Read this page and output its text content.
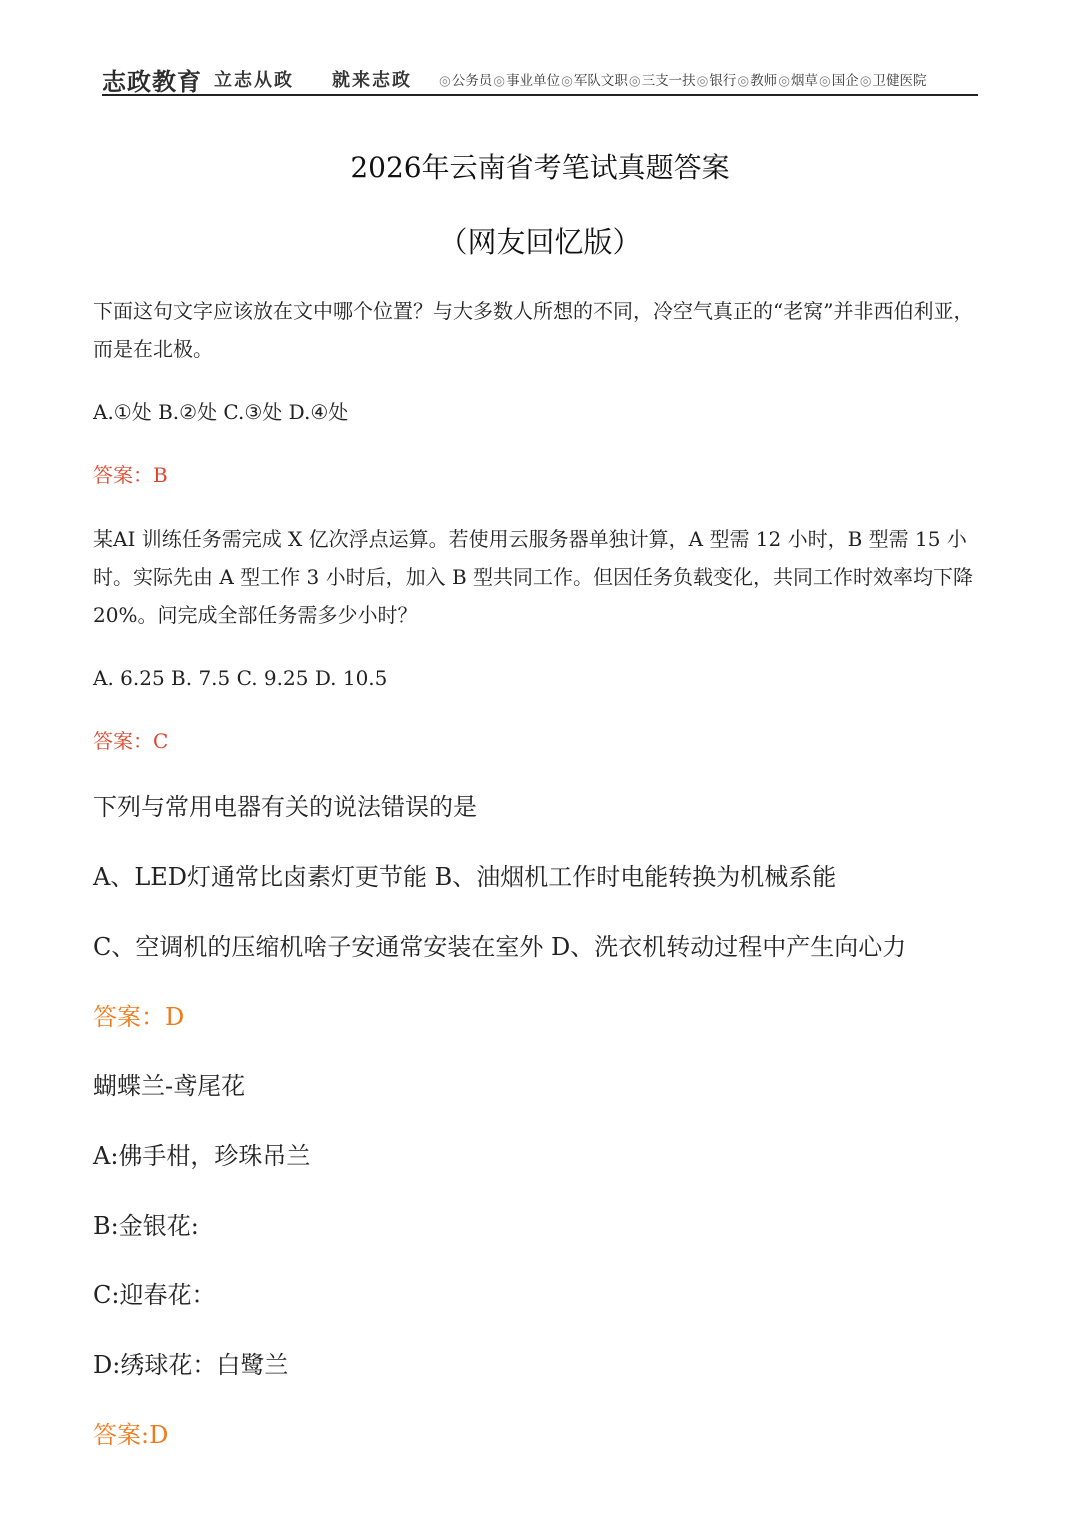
志政教育 立志从政 就来志政 ◎公务员◎事业单位◎军队文职◎三支一扶◎银行◎教师◎烟草◎国企◎卫健医院
2026年云南省考笔试真题答案
（网友回忆版）
下面这句文字应该放在文中哪个位置？与大多数人所想的不同，冷空气真正的“老窝”并非西伯利亚，而是在北极。
A.①处 B.②处 C.③处 D.④处
答案：B
某AI 训练任务需完成 X 亿次浮点运算。若使用云服务器单独计算，A 型需 12 小时，B 型需 15 小时。实际先由 A 型工作 3 小时后，加入 B 型共同工作。但因任务负载变化，共同工作时效率均下降 20%。问完成全部任务需多少小时？
A. 6.25 B. 7.5 C. 9.25 D. 10.5
答案：C
下列与常用电器有关的说法错误的是
A、LED灯通常比卤素灯更节能 B、油烟机工作时电能转换为机械系能
C、空调机的压缩机啥子安通常安装在室外 D、洗衣机转动过程中产生向心力
答案：D
蝴蝶兰-鸢尾花
A:佛手柑，珍珠吊兰
B:金银花:
C:迎春花：
D:绣球花：白鹭兰
答案:D
